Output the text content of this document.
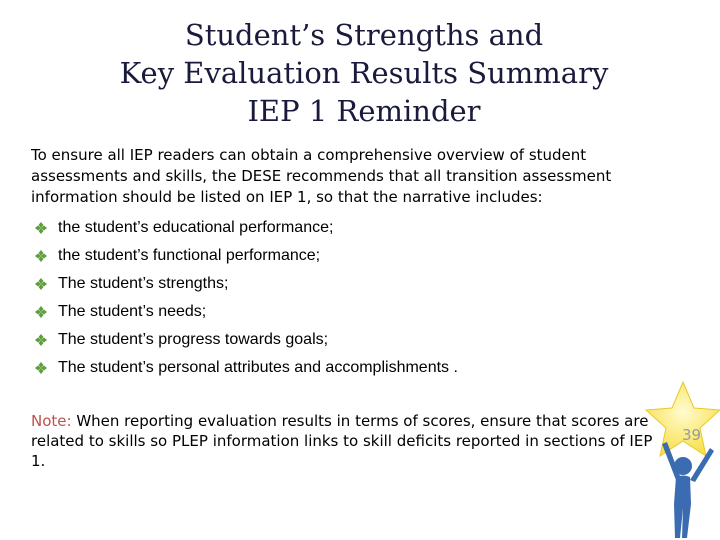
Student’s Strengths and
Key Evaluation Results Summary
IEP 1 Reminder
To ensure all IEP readers can obtain a comprehensive overview of student
assessments and skills, the DESE recommends that all transition assessment
information should be listed on IEP 1, so that the narrative includes:
the student’s educational performance;
the student’s functional performance;
The student’s strengths;
The student’s needs;
The student’s progress towards goals;
The student’s personal attributes and accomplishments .
Note: When reporting evaluation results in terms of scores, ensure that scores are
related to skills so PLEP information links to skill deficits reported in sections of IEP
1.
39
